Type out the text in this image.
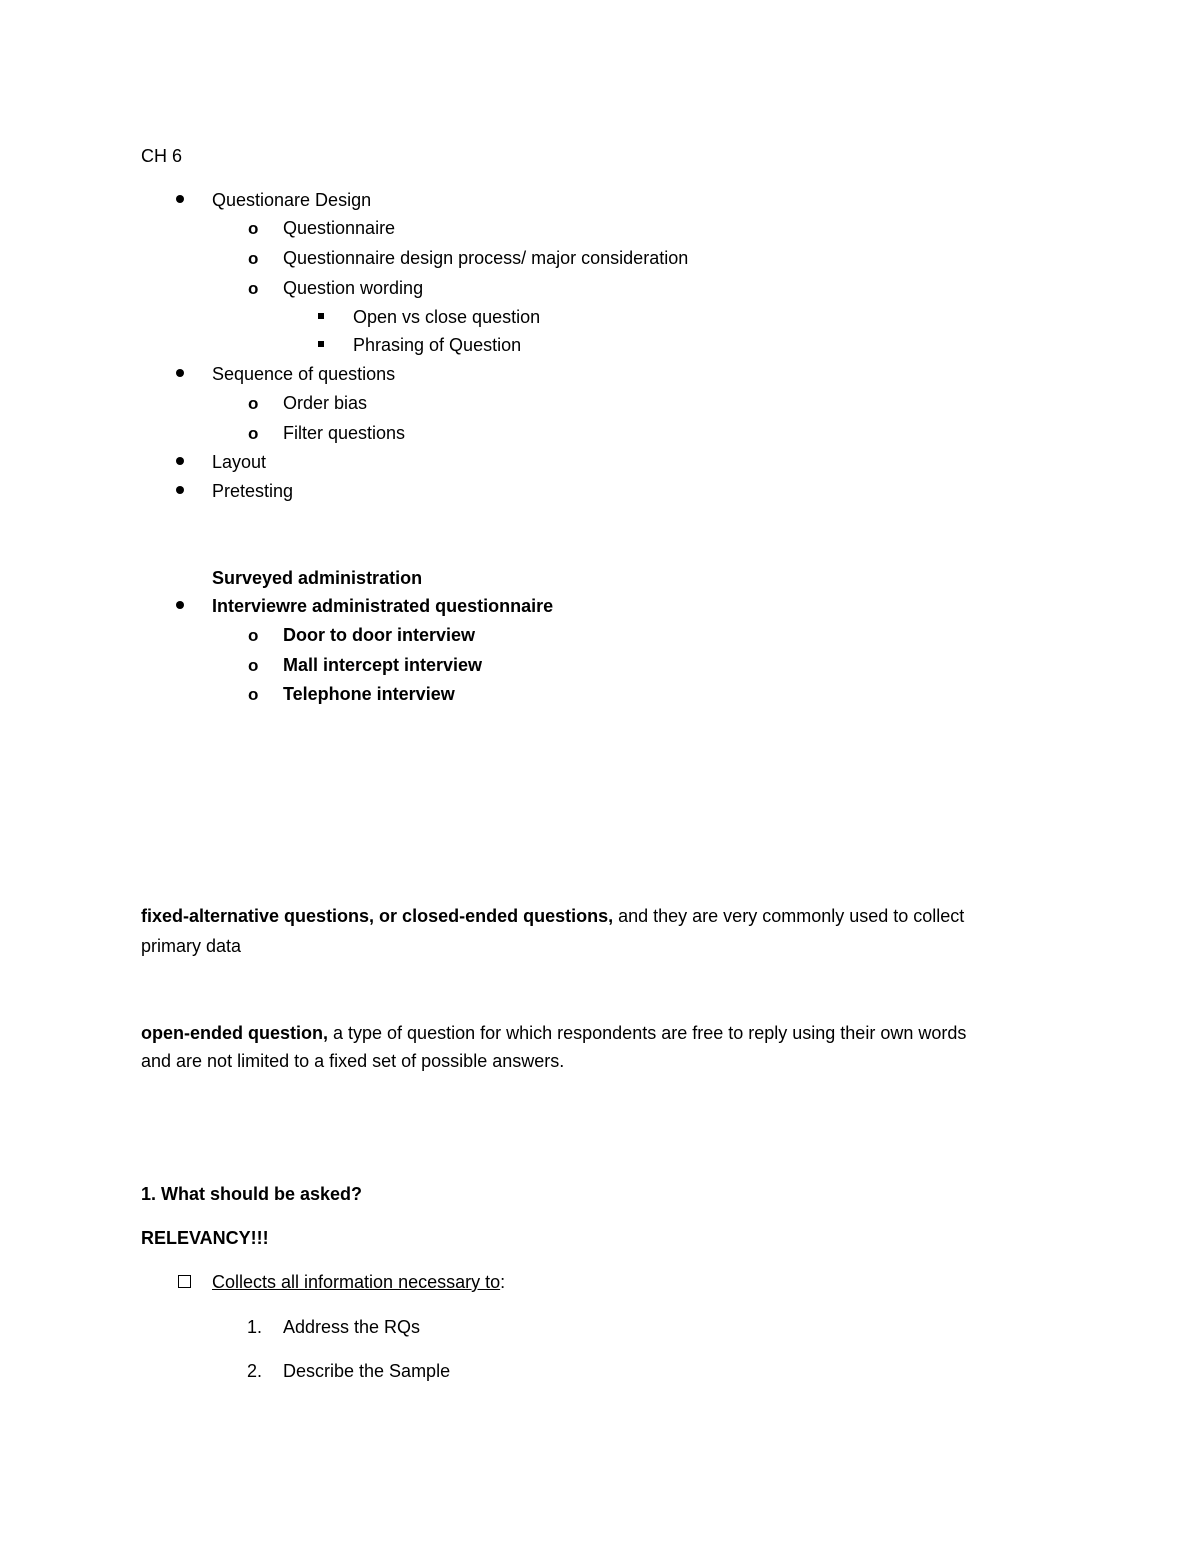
CH 6
Questionare Design
o Questionnaire
o Questionnaire design process/ major consideration
o Question wording
Open vs close question
Phrasing of Question
Sequence of questions
o Order bias
o Filter questions
Layout
Pretesting
Surveyed administration
Interviewre administrated questionnaire
o Door to door interview
o Mall intercept interview
o Telephone interview
fixed-alternative questions, or closed-ended questions, and they are very commonly used to collect
primary data
open-ended question, a type of question for which respondents are free to reply using their own words
and are not limited to a fixed set of possible answers.
1. What should be asked?
RELEVANCY!!!
Collects all information necessary to:
1. Address the RQs
2. Describe the Sample
